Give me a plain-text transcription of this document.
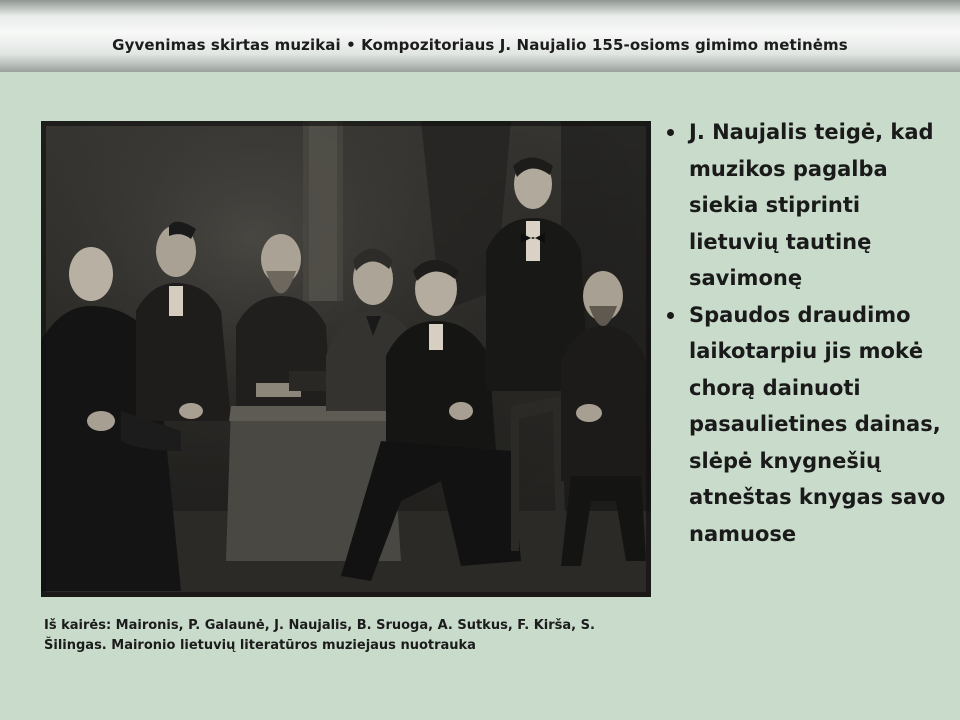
Gyvenimas skirtas muzikai • Kompozitoriaus J. Naujalio 155-osioms gimimo metinėms
Iš kairės: Maironis, P. Galaunė, J. Naujalis, B. Sruoga, A. Sutkus, F. Kirša, S. Šilingas. Maironio lietuvių literatūros muziejaus nuotrauka
J. Naujalis teigė, kad muzikos pagalba siekia stiprinti lietuvių tautinę savimonę
Spaudos draudimo laikotarpiu jis mokė chorą dainuoti pasaulietines dainas, slėpė knygnešių atneštas knygas savo namuose
